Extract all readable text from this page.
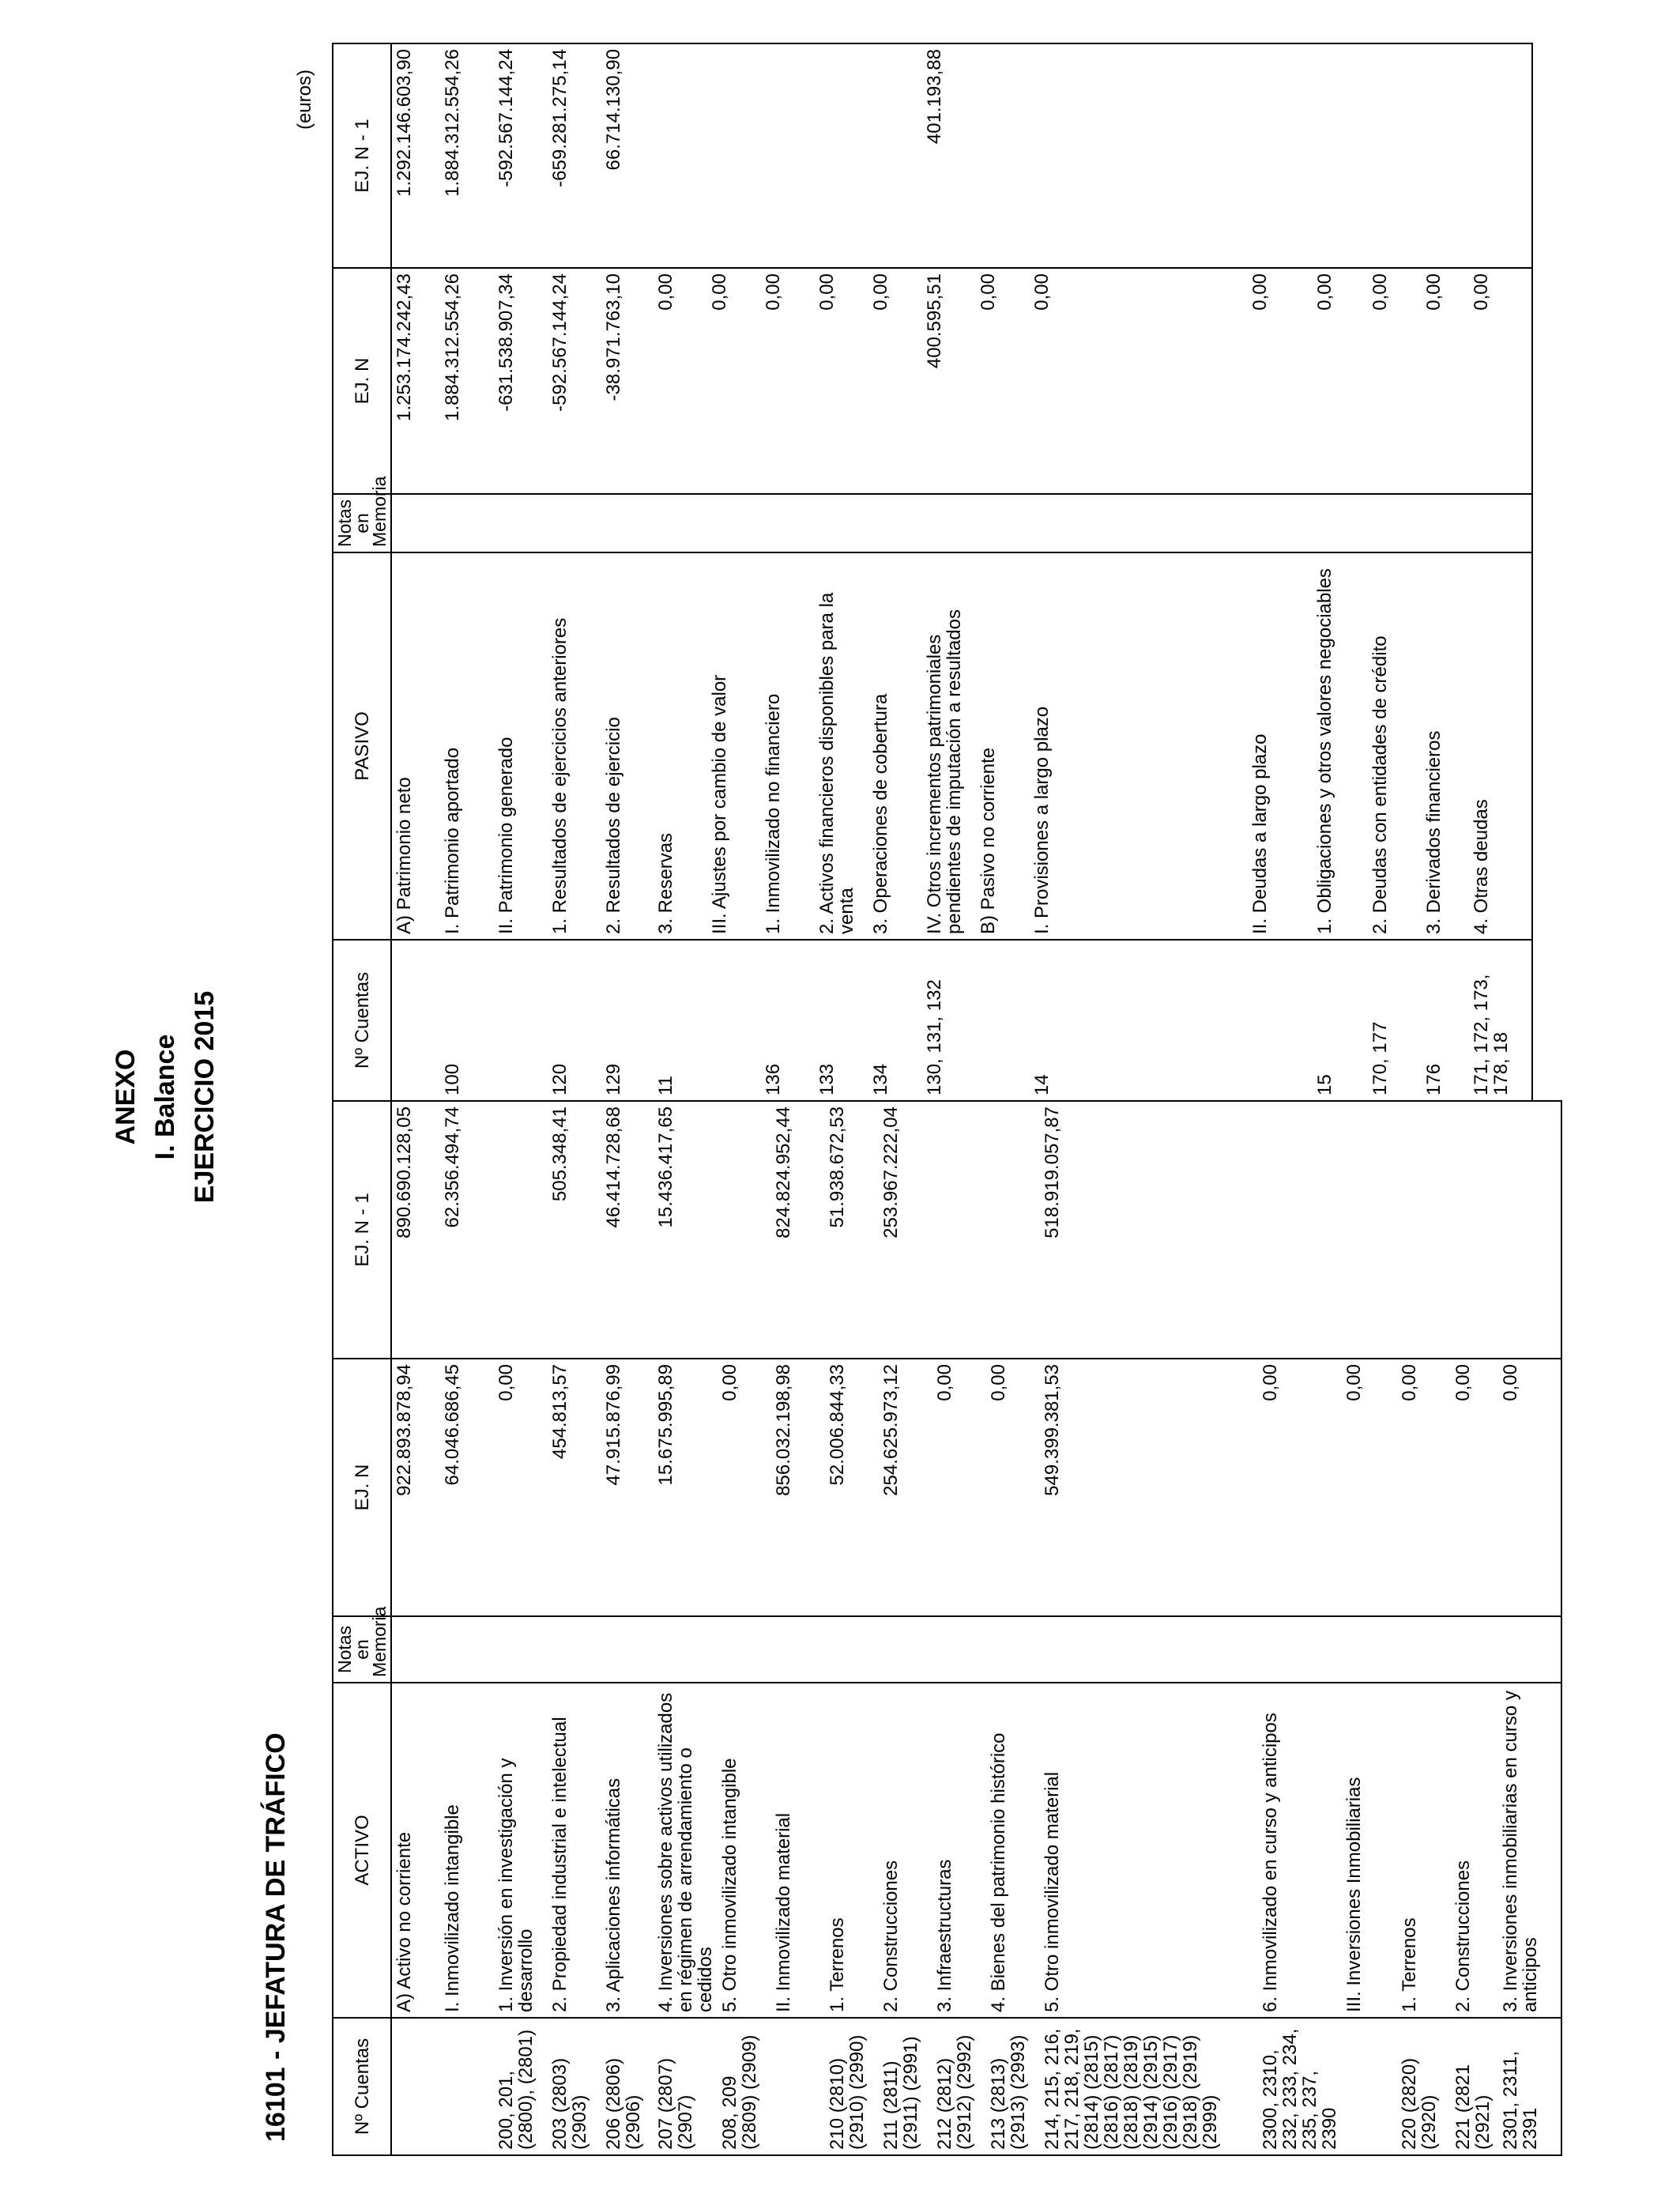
ANEXO I. Balance EJERCICIO 2015
16101 - JEFATURA DE TRÁFICO
(euros)
Nº Cuentas	ACTIVO	Notas en Memoria	EJ. N	EJ. N - 1
	A) Activo no corriente		922.893.878,94	890.690.128,05
	I. Inmovilizado intangible		64.046.686,45	62.356.494,74
200, 201, (2800), (2801)	1. Inversión en investigación y desarrollo		0,00	
203 (2803) (2903)	2. Propiedad industrial e intelectual		454.813,57	505.348,41
206 (2806) (2906)	3. Aplicaciones informáticas		47.915.876,99	46.414.728,68
207 (2807) (2907)	4. Inversiones sobre activos utilizados en régimen de arrendamiento o cedidos		15.675.995,89	15.436.417,65
208, 209 (2809) (2909)	5. Otro inmovilizado intangible		0,00	
	II. Inmovilizado material		856.032.198,98	824.824.952,44
210 (2810) (2910) (2990)	1. Terrenos		52.006.844,33	51.938.672,53
211 (2811) (2911) (2991)	2. Construcciones		254.625.973,12	253.967.222,04
212 (2812) (2912) (2992)	3. Infraestructuras		0,00	
213 (2813) (2913) (2993)	4. Bienes del patrimonio histórico		0,00	
214, 215, 216, 217, 218, 219, (2814) (2815) (2816) (2817) (2818) (2819) (2914) (2915) (2916) (2917) (2918) (2919) (2999)	5. Otro inmovilizado material		549.399.381,53	518.919.057,87
2300, 2310, 232, 233, 234, 235, 237, 2390	6. Inmovilizado en curso y anticipos		0,00	
	III. Inversiones Inmobiliarias		0,00	
220 (2820) (2920)	1. Terrenos		0,00	
221 (2821 (2921)	2. Construcciones		0,00	
2301, 2311, 2391	3. Inversiones inmobiliarias en curso y anticipos		0,00	
Nº Cuentas	PASIVO	Notas en Memoria	EJ. N	EJ. N - 1
	A) Patrimonio neto		1.253.174.242,43	1.292.146.603,90
100	I. Patrimonio aportado		1.884.312.554,26	1.884.312.554,26
	II. Patrimonio generado		-631.538.907,34	-592.567.144,24
120	1. Resultados de ejercicios anteriores		-592.567.144,24	-659.281.275,14
129	2. Resultados de ejercicio		-38.971.763,10	66.714.130,90
11	3. Reservas		0,00	
	III. Ajustes por cambio de valor		0,00	
136	1. Inmovilizado no financiero		0,00	
133	2. Activos financieros disponibles para la venta		0,00	
134	3. Operaciones de cobertura		0,00	
130, 131, 132	IV. Otros incrementos patrimoniales pendientes de imputación a resultados		400.595,51	401.193,88
	B) Pasivo no corriente		0,00	
14	I. Provisiones a largo plazo		0,00	
	II. Deudas a largo plazo		0,00	
15	1. Obligaciones y otros valores negociables		0,00	
170, 177	2. Deudas con entidades de crédito		0,00	
176	3. Derivados financieros		0,00	
171, 172, 173, 178, 18	4. Otras deudas		0,00	
